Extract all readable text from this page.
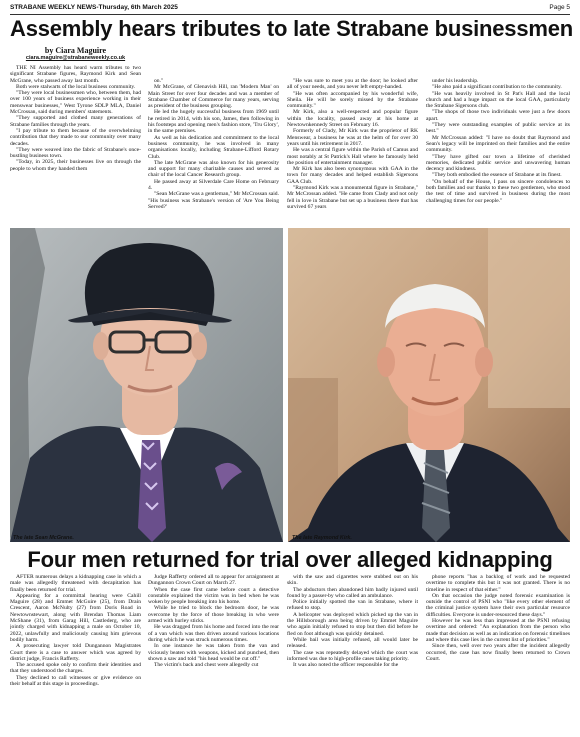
STRABANE WEEKLY NEWS-Thursday, 6th March 2025	Page 5
Assembly hears tributes to late Strabane businessmen
by Ciara Maguire
ciara.maguire@strabaneweekly.co.uk

THE NI Assembly has heard warm tributes to two significant Strabane figures, Raymond Kirk and Sean McGrane, who passed away last month.

Both were stalwarts of the local business community.

"They were local businessmen who, between them, had over 100 years of business experience working in their menswear businesses," West Tyrone SDLP MLA, Daniel McCrossan, said during members' statements.

"They supported and clothed many generations of Strabane families through the years.

"I pay tribute to them because of the overwhelming contribution that they made to our community over many decades.

"They were weaved into the fabric of Strabane's once-bustling business town.

"Today, in 2025, their businesses live on through the people to whom they handed them

on."

Mr McGrane, of Glenavish Hill, ran 'Modern Man' on Main Street for over four decades and was a member of Strabane Chamber of Commerce for many years, serving as president of the business grouping.

He led the hugely successful business from 1969 until he retired in 2014, with his son, James, then following in his footsteps and opening men's fashion store, 'Tru Glory', in the same premises.

As well as his dedication and commitment to the local business community, he was involved in many organisations locally, including Strabane-Lifford Rotary Club.

The late McGrane was also known for his generosity and support for many charitable causes and served as chair of the local Cancer Research group.

He passed away at Silverdale Care Home on February 4.

"Sean McGrane was a gentleman," Mr McCrossan said. "His business was Strabane's version of 'Are You Being Served?'

"He was sure to meet you at the door; he looked after all of your needs, and you never left empty-handed.

"He was often accompanied by his wonderful wife, Sheila. He will be sorely missed by the Strabane community."

Mr Kirk, also a well-respected and popular figure within the locality, passed away at his home at Newtownkennedy Street on February 16.

Formerly of Clady, Mr Kirk was the proprietor of RK Menswear, a business he was at the helm of for over 30 years until his retirement in 2017.

He was a central figure within the Parish of Camus and most notably at St Patrick's Hall where he famously held the position of entertainment manager.

Mr Kirk has also been synonymous with GAA in the town for many decades and helped establish Sigersons GAA Club.

"Raymond Kirk was a monumental figure in Strabane," Mr McCrossan added. "He came from Clady and not only fell in love in Strabane but set up a business there that has survived 67 years

under his leadership.

"He also paid a significant contribution to the community.

"He was heavily involved in St Pat's Hall and the local church and had a huge impact on the local GAA, particularly the Strabane Sigersons club.

"The shops of those two individuals were just a few doors apart.

"They were outstanding examples of public service at its best."

Mr McCrossan added: "I have no doubt that Raymond and Sean's legacy will be imprinted on their families and the entire community.

"They have gifted our town a lifetime of cherished memories, dedicated public service and unwavering human decency and kindness.

"They both embodied the essence of Strabane at its finest.

"On behalf of the House, I pass on sincere condolences to both families and our thanks to these two gentlemen, who stood the test of time and survived in business during the most challenging times for our people."

The late Sean McGrane.	The late Raymond Kirk.
Four men returned for trial over alleged kidnapping

AFTER numerous delays a kidnapping case in which a male was allegedly threatened with decapitation has finally been returned for trial.

Appearing for a committal hearing were Cahill Maguire (28) and Emmet McGuire (25), from Drain Crescent, Aaron McNulty (27) from Doris Road in Newtownstewart, along with Brendan Thomas Liam McShane (31), from Garag Hill, Castlederg, who are jointly charged with kidnapping a male on October 10, 2022, unlawfully and maliciously causing him grievous bodily harm.

A prosecuting lawyer told Dungannon Magistrates Court there is a case to answer which was agreed by district judge, Francis Rafferty.

The accused spoke only to confirm their identities and that they understood the charges.

They declined to call witnesses or give evidence on their behalf at this stage in proceedings.

Judge Rafferty ordered all to appear for arraignment at Dungannon Crown Court on March 27.

When the case first came before court a detective constable explained the victim was in bed when he was woken by people breaking into his home.

While he tried to block the bedroom door, he was overcome by the force of those breaking in who were armed with hurley sticks.

He was dragged from his home and forced into the rear of a van which was then driven around various locations during which he was struck numerous times.

In one instance he was taken from the van and viciously beaten with weapons, kicked and punched, then shown a saw and told "his head would be cut off."

The victim's back and chest were allegedly cut

with the saw and cigarettes were stubbed out on his skin.

The abductors then abandoned him badly injured until found by a passer-by who called an ambulance.

Police initially spotted the van in Strabane, where it refused to stop.

A helicopter was deployed which picked up the van in the Hillsborough area being driven by Emmet Maguire who again initially refused to stop but then did before he fled on foot although was quickly detained.

While bail was initially refused, all would later be released.

The case was repeatedly delayed which the court was informed was due to high-profile cases taking priority.

It was also noted the officer responsible for the

phone reports "has a backlog of work and he requested overtime to complete this but it was not granted. There is no timeline in respect of that either."

On that occasion the judge noted forensic examination is outside the control of PSNI who "like every other element of the criminal justice system have their own particular resource difficulties. Everyone is under-resourced these days."

However he was less than impressed at the PSNI refusing overtime and ordered: "An explanation from the person who made that decision as well as an indication on forensic timelines and where this case lies in the current list of priorities."

Since then, well over two years after the incident allegedly occurred, the case has now finally been returned to Crown Court.
